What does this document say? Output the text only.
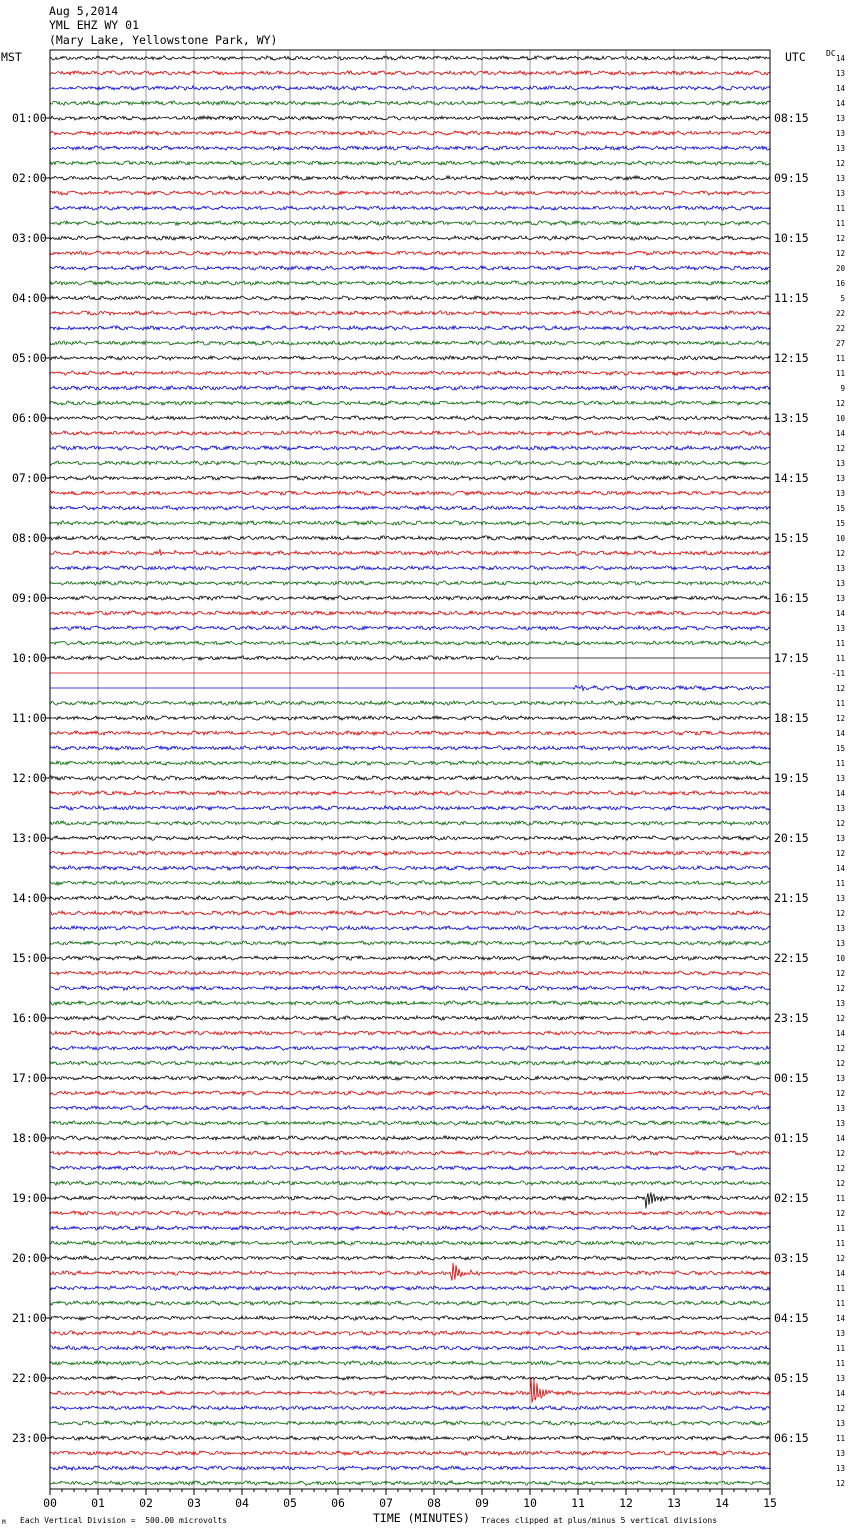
01:00
02:00
03:00
04:00
05:00
06:00
07:00
08:00
09:00
10:00
11:00
12:00
13:00
14:00
15:00
16:00
17:00
18:00
19:00
20:00
21:00
22:00
23:00
08:15
09:15
10:15
11:15
12:15
13:15
14:15
15:15
16:15
17:15
18:15
19:15
20:15
21:15
22:15
23:15
00:15
01:15
02:15
03:15
04:15
05:15
06:15
14
13
14
14
13
13
13
12
13
13
11
11
12
12
20
16
5
22
22
27
11
11
9
12
10
14
12
13
13
13
15
15
10
12
13
13
13
14
13
11
11
-11
12
11
12
14
15
11
13
14
13
12
13
12
14
11
13
12
13
13
10
12
12
13
12
14
12
12
13
12
13
13
14
12
12
12
11
12
11
11
12
14
11
11
14
13
11
11
13
14
12
13
11
13
13
12
00	01	02	03	04	05	06	07	08	09	10	11	12	13	14	15
Aug 5,2014
YML EHZ WY 01
(Mary Lake, Yellowstone Park, WY)
MST	UTC	DC
TIME (MINUTES)
M Each Vertical Division =  500.00 microvolts	Traces clipped at plus/minus 5 vertical divisions
